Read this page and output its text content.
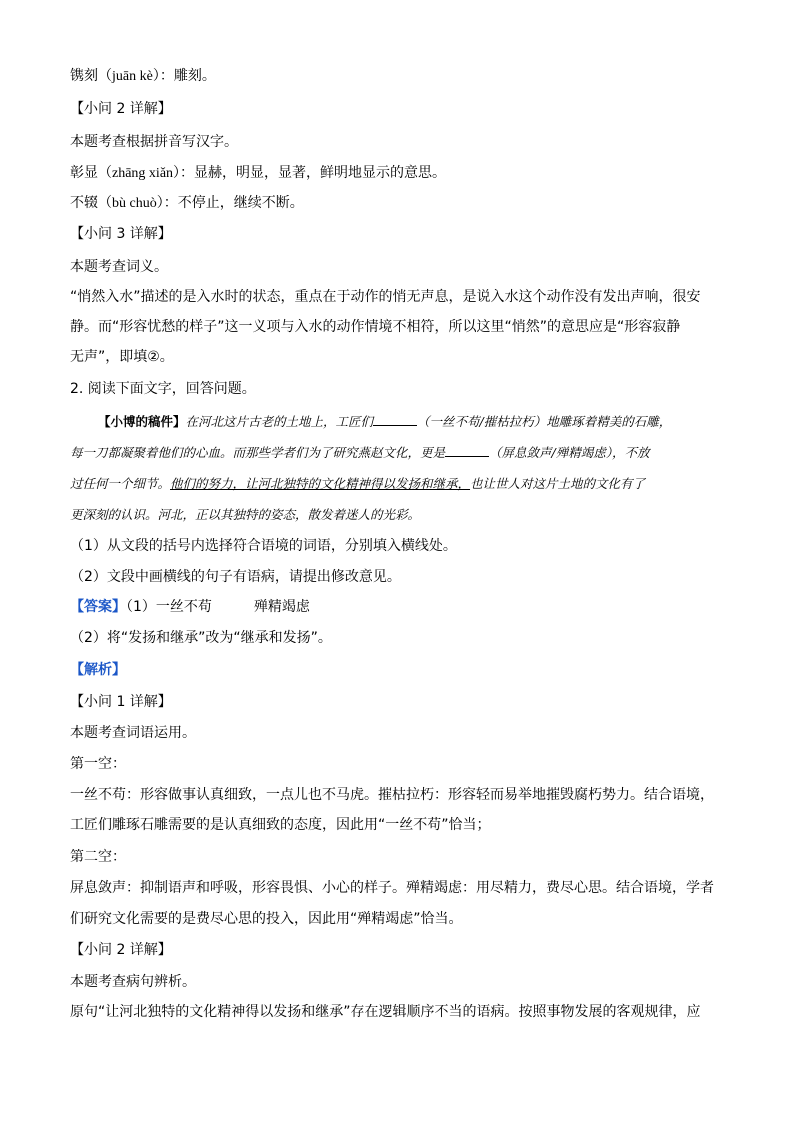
镌刻（juān kè）：雕刻。
【小问 2 详解】
本题考查根据拼音写汉字。
彰显（zhāng xiǎn）：显赫，明显，显著，鲜明地显示的意思。
不辍（bù chuò）：不停止，继续不断。
【小问 3 详解】
本题考查词义。
“悄然入水”描述的是入水时的状态，重点在于动作的悄无声息，是说入水这个动作没有发出声响，很安
静。而“形容忧愁的样子”这一义项与入水的动作情境不相符，所以这里“悄然”的意思应是“形容寂静
无声”，即填②。
2. 阅读下面文字，回答问题。
【小博的稿件】在河北这片古老的土地上，工匠们	（一丝不苟/摧枯拉朽）地雕琢着精美的石雕，
每一刀都凝聚着他们的心血。而那些学者们为了研究燕赵文化，更是	（屏息敛声/殚精竭虑），不放
过任何一个细节。他们的努力，让河北独特的文化精神得以发扬和继承，也让世人对这片土地的文化有了
更深刻的认识。河北，正以其独特的姿态，散发着迷人的光彩。
（1）从文段的括号内选择符合语境的词语，分别填入横线处。
（2）文段中画横线的句子有语病，请提出修改意见。
【答案】（1）一丝不苟	殚精竭虑
（2）将“发扬和继承”改为“继承和发扬”。
【解析】
【小问 1 详解】
本题考查词语运用。
第一空：
一丝不苟：形容做事认真细致，一点儿也不马虎。摧枯拉朽：形容轻而易举地摧毁腐朽势力。结合语境，
工匠们雕琢石雕需要的是认真细致的态度，因此用“一丝不苟”恰当；
第二空：
屏息敛声：抑制语声和呼吸，形容畏惧、小心的样子。殚精竭虑：用尽精力，费尽心思。结合语境，学者
们研究文化需要的是费尽心思的投入，因此用“殚精竭虑”恰当。
【小问 2 详解】
本题考查病句辨析。
原句“让河北独特的文化精神得以发扬和继承”存在逻辑顺序不当的语病。按照事物发展的客观规律，应
